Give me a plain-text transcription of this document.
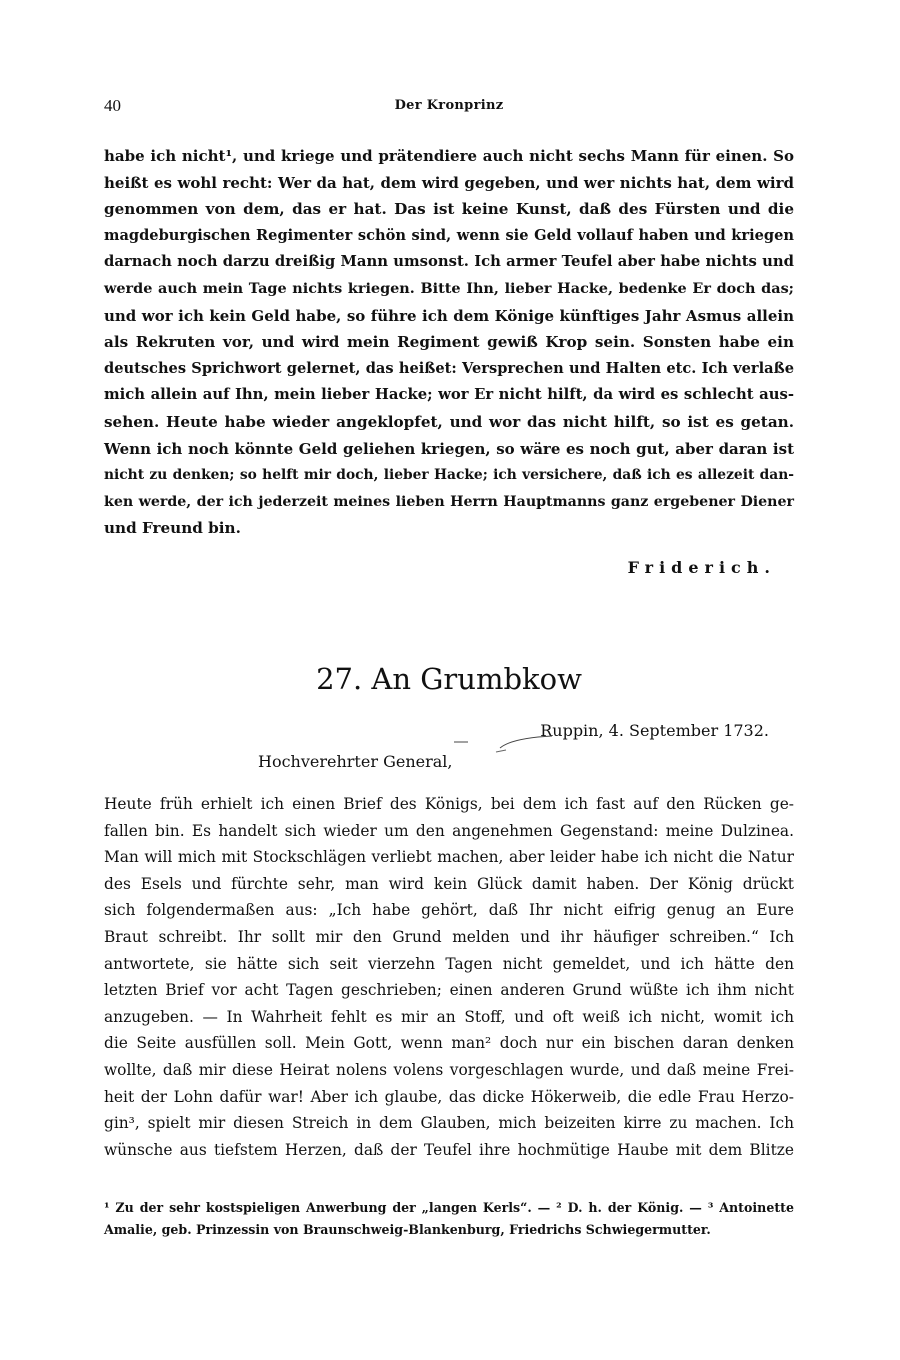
40	Der Kronprinz
habe ich nicht¹, und kriege und prätendiere auch nicht sechs Mann für einen. So
heißt es wohl recht: Wer da hat, dem wird gegeben, und wer nichts hat, dem wird
genommen von dem, das er hat. Das ist keine Kunst, daß des Fürsten und die
magdeburgischen Regimenter schön sind, wenn sie Geld vollauf haben und kriegen
darnach noch darzu dreißig Mann umsonst. Ich armer Teufel aber habe nichts und
werde auch mein Tage nichts kriegen. Bitte Ihn, lieber Hacke, bedenke Er doch das;
und wor ich kein Geld habe, so führe ich dem Könige künftiges Jahr Asmus allein
als Rekruten vor, und wird mein Regiment gewiß Krop sein. Sonsten habe ein
deutsches Sprichwort gelernet, das heißet: Versprechen und Halten etc. Ich verlaße
mich allein auf Ihn, mein lieber Hacke; wor Er nicht hilft, da wird es schlecht aus-
sehen. Heute habe wieder angeklopfet, und wor das nicht hilft, so ist es getan.
Wenn ich noch könnte Geld geliehen kriegen, so wäre es noch gut, aber daran ist
nicht zu denken; so helft mir doch, lieber Hacke; ich versichere, daß ich es allezeit dan-
ken werde, der ich jederzeit meines lieben Herrn Hauptmanns ganz ergebener Diener
und Freund bin.
Friderich.
27. An Grumbkow
Ruppin, 4. September 1732.
Hochverehrter General,
Heute früh erhielt ich einen Brief des Königs, bei dem ich fast auf den Rücken ge-
fallen bin. Es handelt sich wieder um den angenehmen Gegenstand: meine Dulzinea.
Man will mich mit Stockschlägen verliebt machen, aber leider habe ich nicht die Natur
des Esels und fürchte sehr, man wird kein Glück damit haben. Der König drückt
sich folgendermaßen aus: „Ich habe gehört, daß Ihr nicht eifrig genug an Eure
Braut schreibt. Ihr sollt mir den Grund melden und ihr häufiger schreiben.“ Ich
antwortete, sie hätte sich seit vierzehn Tagen nicht gemeldet, und ich hätte den
letzten Brief vor acht Tagen geschrieben; einen anderen Grund wüßte ich ihm nicht
anzugeben. — In Wahrheit fehlt es mir an Stoff, und oft weiß ich nicht, womit ich
die Seite ausfüllen soll. Mein Gott, wenn man² doch nur ein bischen daran denken
wollte, daß mir diese Heirat nolens volens vorgeschlagen wurde, und daß meine Frei-
heit der Lohn dafür war! Aber ich glaube, das dicke Hökerweib, die edle Frau Herzo-
gin³, spielt mir diesen Streich in dem Glauben, mich beizeiten kirre zu machen. Ich
wünsche aus tiefstem Herzen, daß der Teufel ihre hochmütige Haube mit dem Blitze
¹ Zu der sehr kostspieligen Anwerbung der „langen Kerls“. — ² D. h. der König. — ³ Antoinette
Amalie, geb. Prinzessin von Braunschweig-Blankenburg, Friedrichs Schwiegermutter.
